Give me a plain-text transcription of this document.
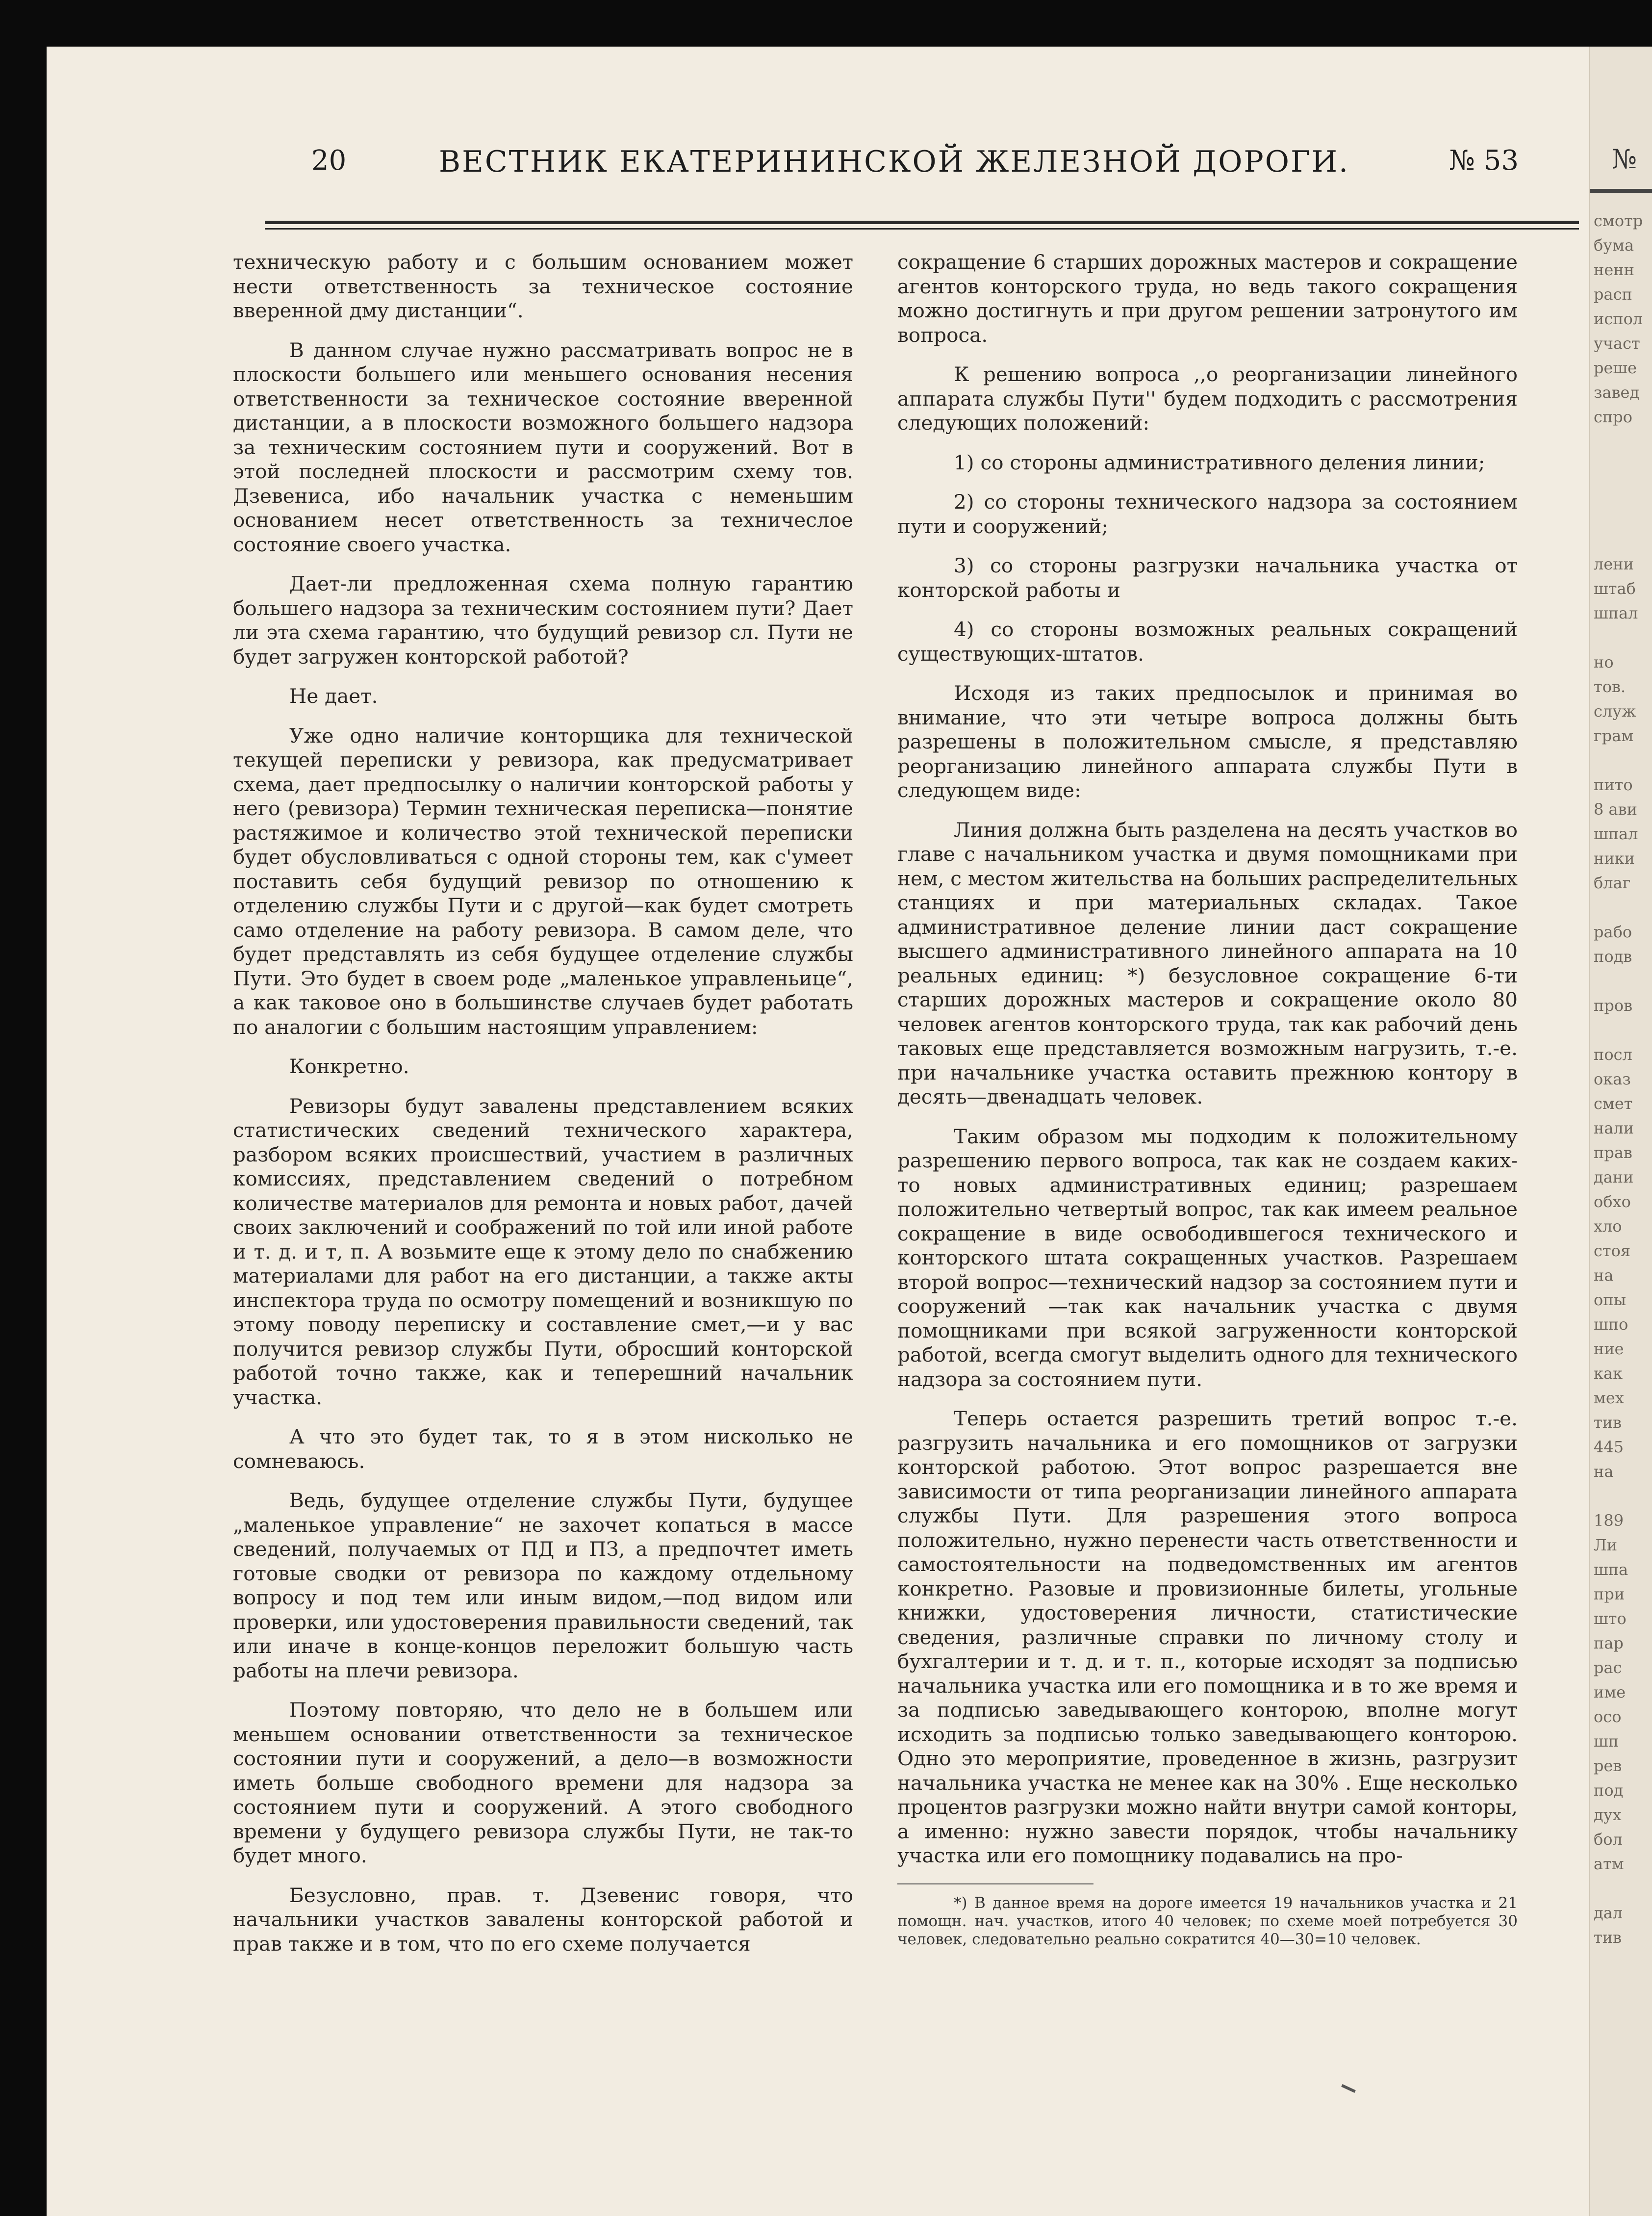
20	ВЕСТНИК ЕКАТЕРИНИНСКОЙ ЖЕЛЕЗНОЙ ДОРОГИ.	№ 53

техническую работу и с большим основанием может нести ответственность за техническое состояние вверенной дму дистанции“.

В данном случае нужно рассматривать вопрос не в плоскости большего или меньшего основания несения ответственности за техническое состояние вверенной дистанции, а в плоскости возможного большего надзора за техническим состоянием пути и сооружений. Вот в этой последней плоскости и рассмотрим схему тов. Дзевениса, ибо начальник участка с неменьшим основанием несет ответственность за техничеслое состояние своего участка.

Дает-ли предложенная схема полную гарантию большего надзора за техническим состоянием пути? Дает ли эта схема гарантию, что будущий ревизор сл. Пути не будет загружен конторской работой?

Не дает.

Уже одно наличие конторщика для технической текущей переписки у ревизора, как предусматривает схема, дает предпосылку о наличии конторской работы у него (ревизора) Термин техническая переписка—понятие растяжимое и количество этой технической переписки будет обусловливаться с одной стороны тем, как с'умеет поставить себя будущий ревизор по отношению к отделению службы Пути и с другой—как будет смотреть само отделение на работу ревизора. В самом деле, что будет представлять из себя будущее отделение службы Пути. Это будет в своем роде „маленькое управленьице“, а как таковое оно в большинстве случаев будет работать по аналогии с большим настоящим управлением:

Конкретно.

Ревизоры будут завалены представлением всяких статистических сведений технического характера, разбором всяких происшествий, участием в различных комиссиях, представлением сведений о потребном количестве материалов для ремонта и новых работ, дачей своих заключений и соображений по той или иной работе и т. д. и т, п. А возьмите еще к этому дело по снабжению материалами для работ на его дистанции, а также акты инспектора труда по осмотру помещений и возникшую по этому поводу переписку и составление смет,—и у вас получится ревизор службы Пути, обросший конторской работой точно также, как и теперешний начальник участка.

А что это будет так, то я в этом нисколько не сомневаюсь.

Ведь, будущее отделение службы Пути, будущее „маленькое управление“ не захочет копаться в массе сведений, получаемых от ПД и ПЗ, а предпочтет иметь готовые сводки от ревизора по каждому отдельному вопросу и под тем или иным видом,—под видом или проверки, или удостоверения правильности сведений, так или иначе в конце-концов переложит большую часть работы на плечи ревизора.

Поэтому повторяю, что дело не в большем или меньшем основании ответственности за техническое состоянии пути и сооружений, а дело—в возможности иметь больше свободного времени для надзора за состоянием пути и сооружений. А этого свободного времени у будущего ревизора службы Пути, не так-то будет много.

Безусловно, прав. т. Дзевенис говоря, что начальники участков завалены конторской работой и прав также и в том, что по его схеме получается

сокращение 6 старших дорожных мастеров и сокращение агентов конторского труда, но ведь такого сокращения можно достигнуть и при другом решении затронутого им вопроса.

К решению вопроса ,,о реорганизации линейного аппарата службы Пути'' будем подходить с рассмотрения следующих положений:

1) со стороны административного деления линии;

2) со стороны технического надзора за состоянием пути и сооружений;

3) со стороны разгрузки начальника участка от конторской работы и

4) со стороны возможных реальных сокращений существующих-штатов.

Исходя из таких предпосылок и принимая во внимание, что эти четыре вопроса должны быть разрешены в положительном смысле, я представляю реорганизацию линейного аппарата службы Пути в следующем виде:

Линия должна быть разделена на десять участков во главе с начальником участка и двумя помощниками при нем, с местом жительства на больших распределительных станциях и при материальных складах. Такое административное деление линии даст сокращение высшего административного линейного аппарата на 10 реальных единиц: *) безусловное сокращение 6-ти старших дорожных мастеров и сокращение около 80 человек агентов конторского труда, так как рабочий день таковых еще представляется возможным нагрузить, т.-е. при начальнике участка оставить прежнюю контору в десять—двенадцать человек.

Таким образом мы подходим к положительному разрешению первого вопроса, так как не создаем каких-то новых административных единиц; разрешаем положительно четвертый вопрос, так как имеем реальное сокращение в виде освободившегося технического и конторского штата сокращенных участков. Разрешаем второй вопрос—технический надзор за состоянием пути и сооружений —так как начальник участка с двумя помощниками при всякой загруженности конторской работой, всегда смогут выделить одного для технического надзора за состоянием пути.

Теперь остается разрешить третий вопрос т.-е. разгрузить начальника и его помощников от загрузки конторской работою. Этот вопрос разрешается вне зависимости от типа реорганизации линейного аппарата службы Пути. Для разрешения этого вопроса положительно, нужно перенести часть ответственности и самостоятельности на подведомственных им агентов конкретно. Разовые и провизионные билеты, угольные книжки, удостоверения личности, статистические сведения, различные справки по личному столу и бухгалтерии и т. д. и т. п., которые исходят за подписью начальника участка или его помощника и в то же время и за подписью заведывающего конторою, вполне могут исходить за подписью только заведывающего конторою. Одно это мероприятие, проведенное в жизнь, разгрузит начальника участка не менее как на 30% . Еще несколько процентов разгрузки можно найти внутри самой конторы, а именно: нужно завести порядок, чтобы начальнику участка или его помощнику подавались на про-

*) В данное время на дороге имеется 19 начальников участка и 21 помощн. нач. участков, итого 40 человек; по схеме моей потребуется 30 человек, следовательно реально сократится 40—30=10 человек.

№
смотр
бума
ненн
расп
испол
участ
реше
завед
спро

лени
штаб
шпал

но
тов.
служ
грам

пито
8 ави
шпал
ники
благ

рабо
подв

пров

посл
оказ
смет
нали
прав
дани
обхо
хло
стоя
на
опы
шпо
ние
как
мех
тив
445
на

189
Ли
шпа
при
што
пар
рас
име
осо
шп
рев
под
дух
бол
атм

дал
тив
